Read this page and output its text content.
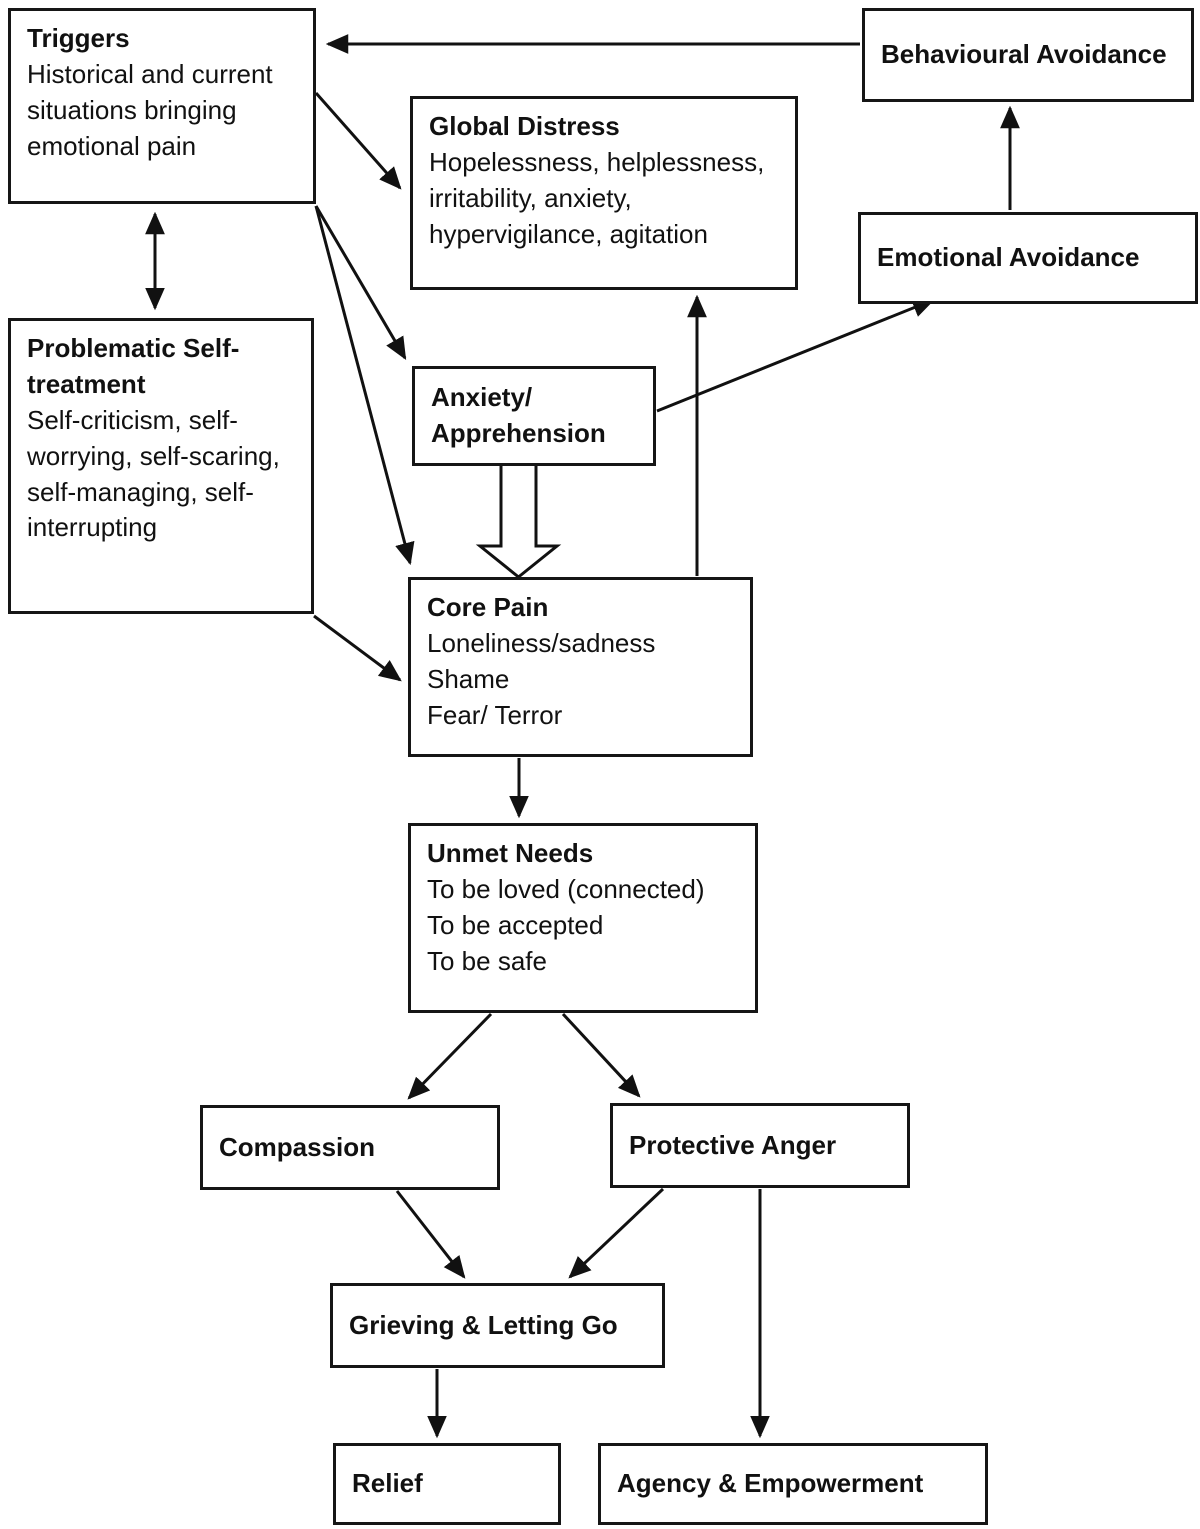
Triggers
Historical and current situations bringing emotional pain
Behavioural Avoidance
Global Distress
Hopelessness, helplessness, irritability, anxiety, hypervigilance, agitation
Emotional Avoidance
Problematic Self-treatment
Self-criticism, self-worrying, self-scaring, self-managing, self-interrupting
Anxiety/
Apprehension
Core Pain
Loneliness/sadness
Shame
Fear/ Terror
Unmet Needs
To be loved (connected)
To be accepted
To be safe
Compassion	Protective Anger
Grieving & Letting Go
Relief	Agency & Empowerment
